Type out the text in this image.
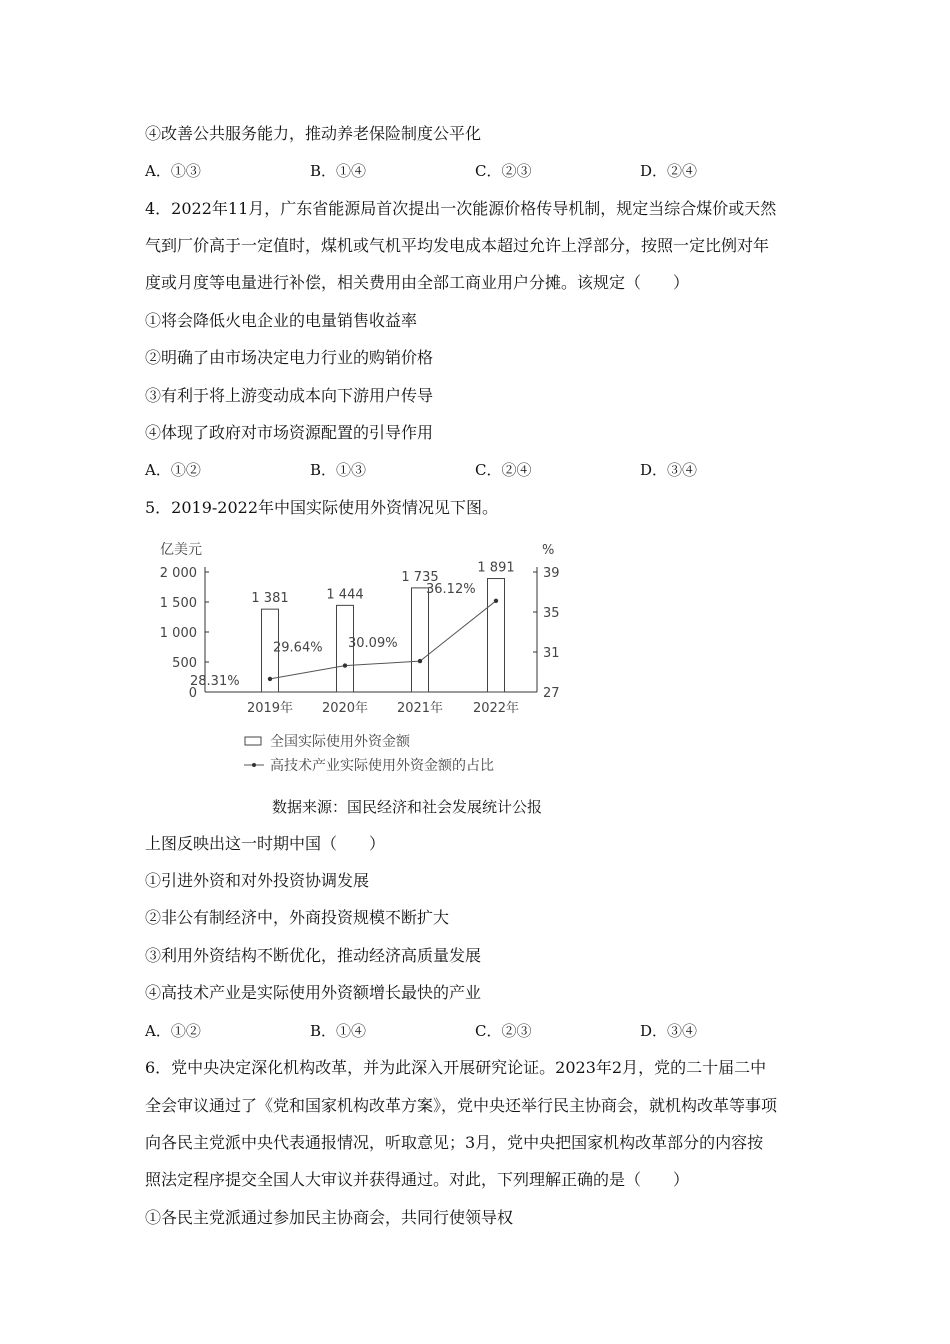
④改善公共服务能力，推动养老保险制度公平化
A．①③	B．①④	C．②③	D．②④
4．2022年11月，广东省能源局首次提出一次能源价格传导机制，规定当综合煤价或天然
气到厂价高于一定值时，煤机或气机平均发电成本超过允许上浮部分，按照一定比例对年
度或月度等电量进行补偿，相关费用由全部工商业用户分摊。该规定（　　）
①将会降低火电企业的电量销售收益率
②明确了由市场决定电力行业的购销价格
③有利于将上游变动成本向下游用户传导
④体现了政府对市场资源配置的引导作用
A．①②	B．①③	C．②④	D．③④
5．2019-2022年中国实际使用外资情况见下图。
亿美元	%
0
500
1 000
1 500
2 000
27
31
35
39
1 381	1 444
1 735
1 891
28.31%
29.64% 30.09%
36.12%
2019年 2020年 2021年 2022年
全国实际使用外资金额
高技术产业实际使用外资金额的占比
数据来源：国民经济和社会发展统计公报
上图反映出这一时期中国（　　）
①引进外资和对外投资协调发展
②非公有制经济中，外商投资规模不断扩大
③利用外资结构不断优化，推动经济高质量发展
④高技术产业是实际使用外资额增长最快的产业
A．①②	B．①④	C．②③	D．③④
6．党中央决定深化机构改革，并为此深入开展研究论证。2023年2月，党的二十届二中
全会审议通过了《党和国家机构改革方案》，党中央还举行民主协商会，就机构改革等事项
向各民主党派中央代表通报情况，听取意见；3月，党中央把国家机构改革部分的内容按
照法定程序提交全国人大审议并获得通过。对此，下列理解正确的是（　　）
①各民主党派通过参加民主协商会，共同行使领导权
